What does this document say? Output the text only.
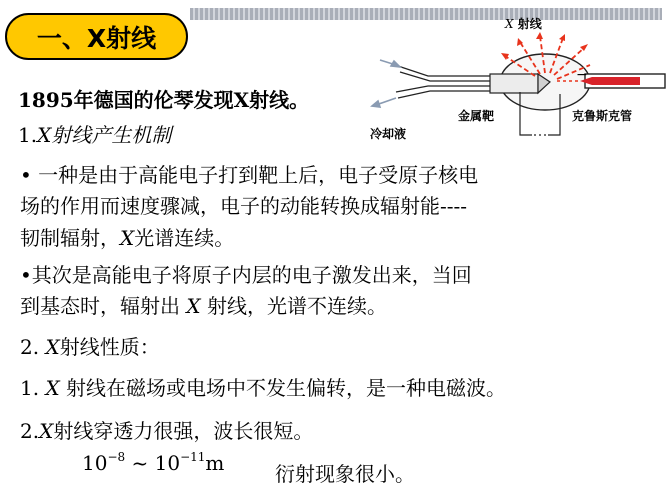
一、X射线	X 射线
金属靶
冷却液
克鲁斯克管
−
1895年德国的伦琴发现X射线。
1.X射线产生机制
• 一种是由于高能电子打到靶上后，电子受原子核电
场的作用而速度骤减，电子的动能转换成辐射能----
韧制辐射，X光谱连续。
•其次是高能电子将原子内层的电子激发出来，当回
到基态时，辐射出 X 射线，光谱不连续。
2. X射线性质：
1. X 射线在磁场或电场中不发生偏转，是一种电磁波。
2.X射线穿透力很强，波长很短。
$10^{-8}$ ~ $10^{-11}m$	衍射现象很小。
